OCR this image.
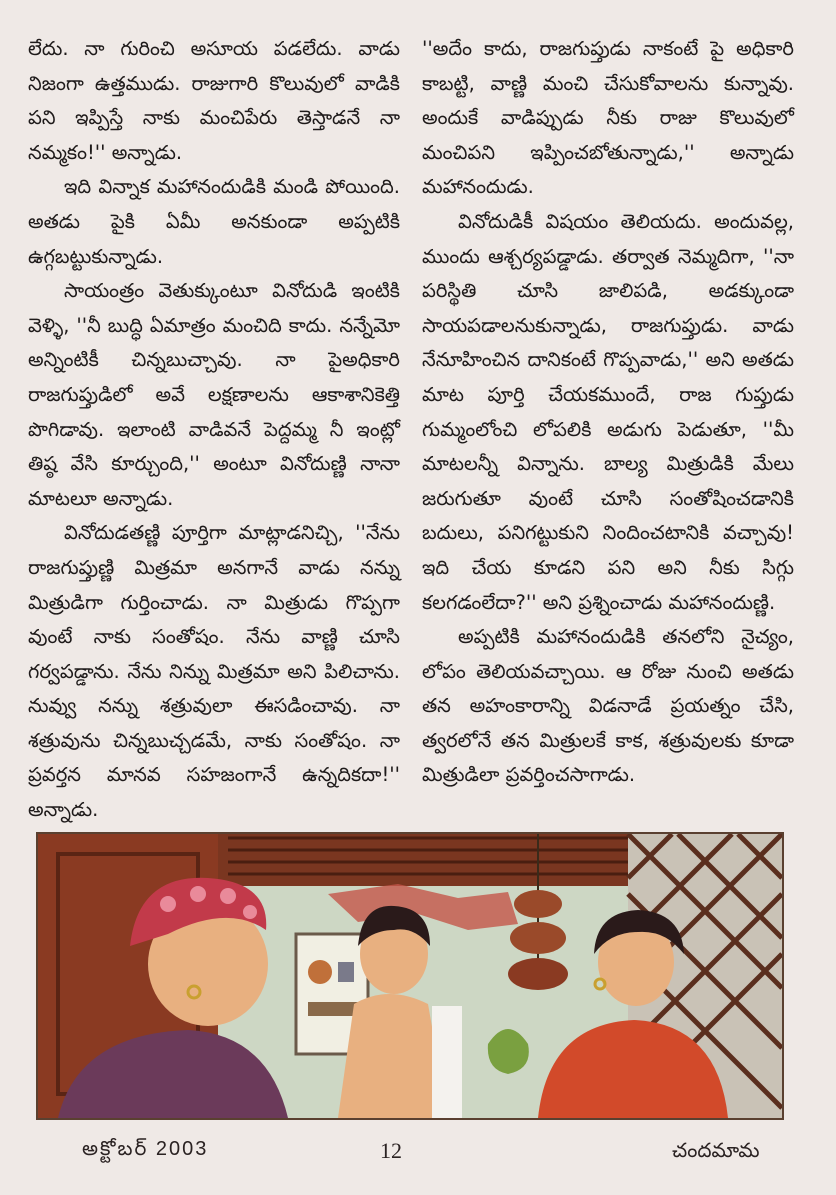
లేదు. నా గురించి అసూయ పడలేదు. వాడు నిజంగా ఉత్తముడు. రాజుగారి కొలువులో వాడికి పని ఇప్పిస్తే నాకు మంచిపేరు తెస్తాడనే నా నమ్మకం!'' అన్నాడు.

ఇది విన్నాక మహానందుడికి మండి పోయింది. అతడు పైకి ఏమీ అనకుండా అప్పటికి ఉగ్గబట్టుకున్నాడు.

సాయంత్రం వెతుక్కుంటూ వినోదుడి ఇంటికి వెళ్ళి, ''నీ బుద్ధి ఏమాత్రం మంచిది కాదు. నన్నేమో అన్నింటికీ చిన్నబుచ్చావు. నా పైఅధికారి రాజగుప్తుడిలో అవే లక్షణాలను ఆకాశానికెత్తి పొగిడావు. ఇలాంటి వాడివనే పెద్దమ్మ నీ ఇంట్లో తిష్ఠ వేసి కూర్చుంది,'' అంటూ వినోదుణ్ణి నానా మాటలూ అన్నాడు.

వినోదుడతణ్ణి పూర్తిగా మాట్లాడనిచ్చి, ''నేను రాజగుప్తుణ్ణి మిత్రమా అనగానే వాడు నన్ను మిత్రుడిగా గుర్తించాడు. నా మిత్రుడు గొప్పగా వుంటే నాకు సంతోషం. నేను వాణ్ణి చూసి గర్వపడ్డాను. నేను నిన్ను మిత్రమా అని పిలిచాను. నువ్వు నన్ను శత్రువులా ఈసడించావు. నా శత్రువును చిన్నబుచ్చడమే, నాకు సంతోషం. నా ప్రవర్తన మానవ సహజంగానే ఉన్నదికదా!'' అన్నాడు.

''అదేం కాదు, రాజగుప్తుడు నాకంటే పై అధికారి కాబట్టి, వాణ్ణి మంచి చేసుకోవాలను కున్నావు. అందుకే వాడిప్పుడు నీకు రాజు కొలువులో మంచిపని ఇప్పించబోతున్నాడు,'' అన్నాడు మహానందుడు.

వినోదుడికీ విషయం తెలియదు. అందువల్ల, ముందు ఆశ్చర్యపడ్డాడు. తర్వాత నెమ్మదిగా, ''నా పరిస్థితి చూసి జాలిపడి, అడక్కుండా సాయపడాలనుకున్నాడు, రాజగుప్తుడు. వాడు నేనూహించిన దానికంటే గొప్పవాడు,'' అని అతడు మాట పూర్తి చేయకముందే, రాజ గుప్తుడు గుమ్మంలోంచి లోపలికి అడుగు పెడుతూ, ''మీ మాటలన్నీ విన్నాను. బాల్య మిత్రుడికి మేలు జరుగుతూ వుంటే చూసి సంతోషించడానికి బదులు, పనిగట్టుకుని నిందించటానికి వచ్చావు! ఇది చేయ కూడని పని అని నీకు సిగ్గు కలగడంలేదా?'' అని ప్రశ్నించాడు మహానందుణ్ణి.

అప్పటికి మహానందుడికి తనలోని నైచ్యం, లోపం తెలియవచ్చాయి. ఆ రోజు నుంచి అతడు తన అహంకారాన్ని విడనాడే ప్రయత్నం చేసి, త్వరలోనే తన మిత్రులకే కాక, శత్రువులకు కూడా మిత్రుడిలా ప్రవర్తించసాగాడు.

అక్టోబర్ 2003	12	చందమామ
